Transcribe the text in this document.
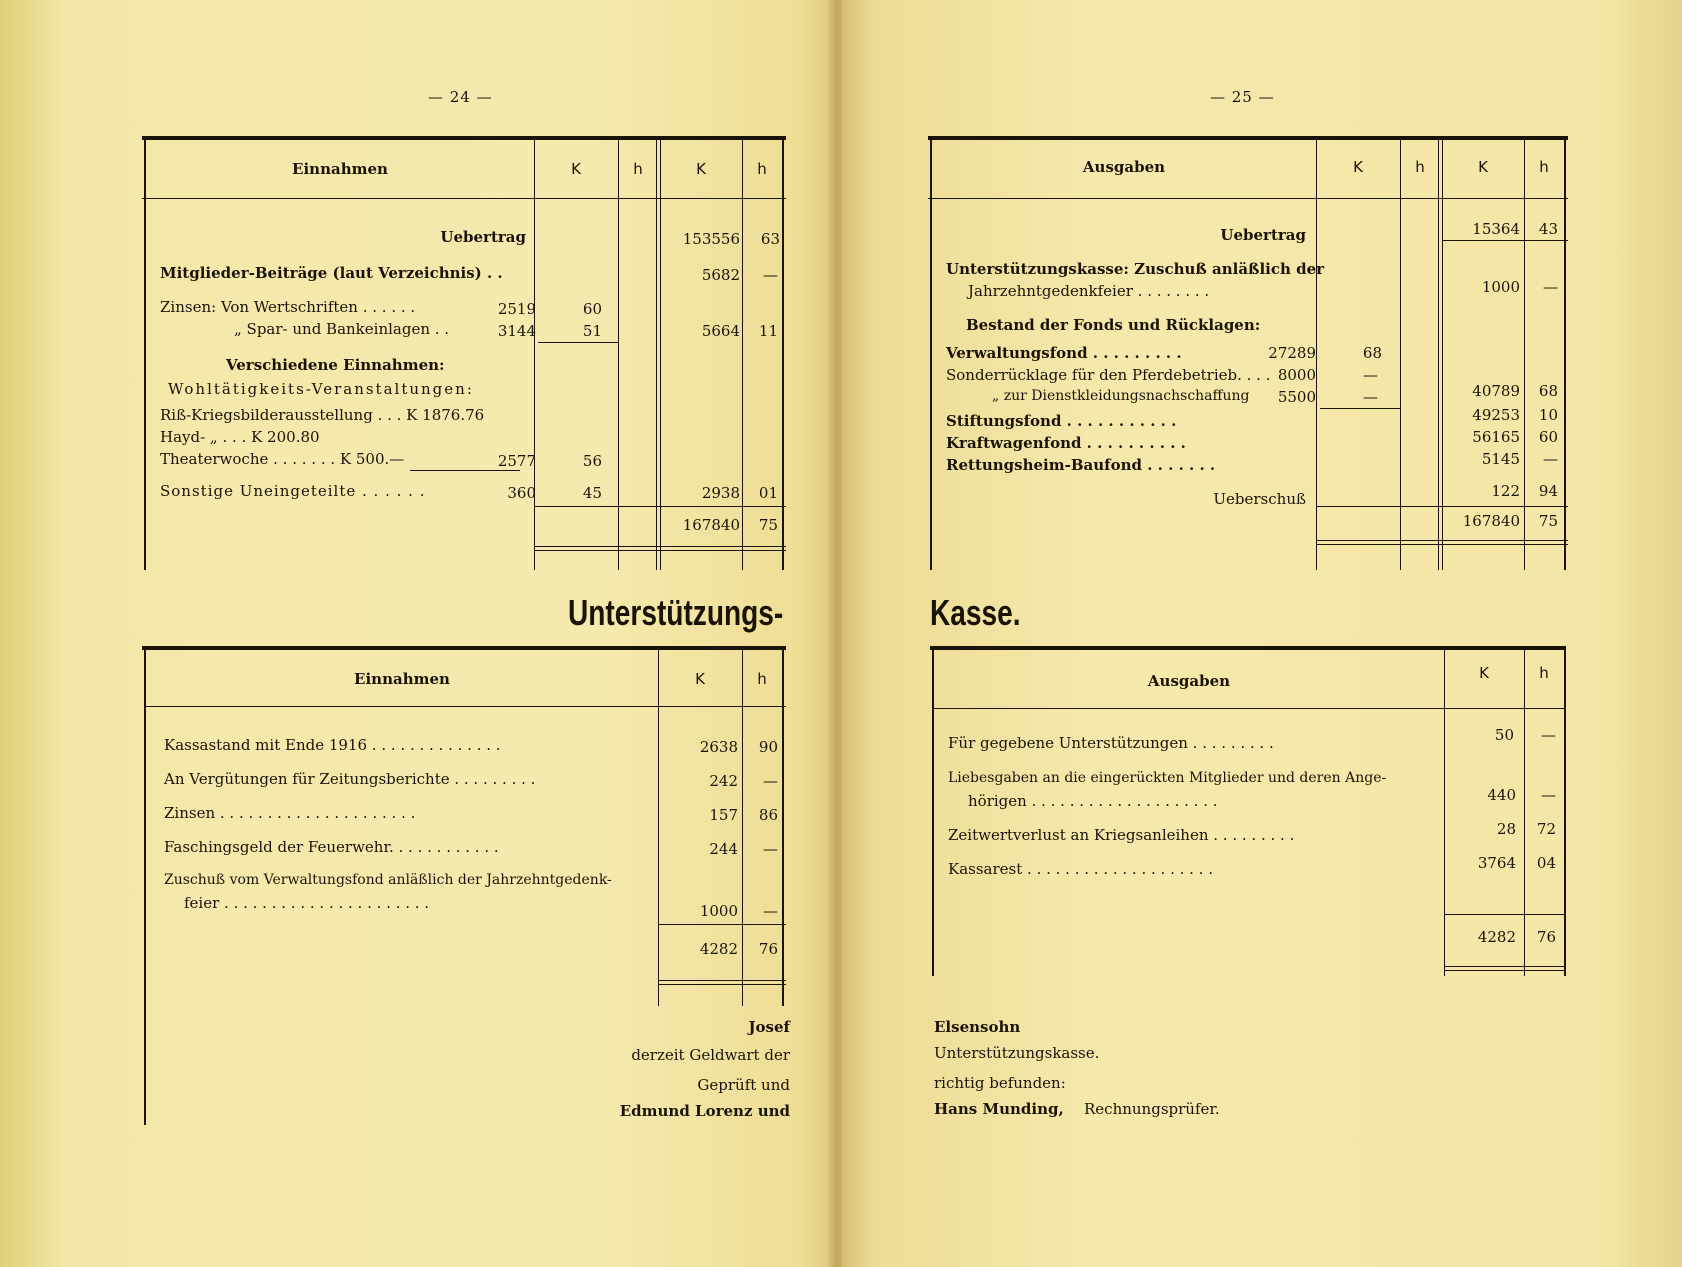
— 24 —
Einnahmen	K	h	K	h
Uebertrag	153556 63
Mitglieder-Beiträge (laut Verzeichnis) . .	5682 —
Zinsen: Von Wertschriften . . . . . .	2519	60
„ Spar- und Bankeinlagen . .	3144	51	5664 11
Verschiedene Einnahmen:
Wohltätigkeits-Veranstaltungen:
Riß-Kriegsbilderausstellung . . . K 1876.76
Hayd- „ . . . K 200.80
Theaterwoche . . . . . . . K 500.—	2577	56
Sonstige Uneingeteilte . . . . . .	360	45	2938 01
167840 75
Unterstützungs-
Einnahmen	K	h
Kassastand mit Ende 1916 . . . . . . . . . . . . . .	2638 90
An Vergütungen für Zeitungsberichte . . . . . . . . .	242 —
Zinsen . . . . . . . . . . . . . . . . . . . . .	157 86
Faschingsgeld der Feuerwehr. . . . . . . . . . . .	244 —
Zuschuß vom Verwaltungsfond anläßlich der Jahrzehntgedenk-
feier . . . . . . . . . . . . . . . . . . . . . .	1000 —
4282 76
Josef
derzeit Geldwart der
Geprüft und
Edmund Lorenz und
— 25 —
Ausgaben	K	h	K	h
Uebertrag	15364 43
Unterstützungskasse: Zuschuß anläßlich der
Jahrzehntgedenkfeier . . . . . . . .	1000 —
Bestand der Fonds und Rücklagen:
Verwaltungsfond . . . . . . . . .	27289	68
Sonderrücklage für den Pferdebetrieb. . . . 8000	—
„ zur Dienstkleidungsnachschaffung 5500	—	40789 68
Stiftungsfond . . . . . . . . . . .	49253 10
Kraftwagenfond . . . . . . . . . .	56165 60
Rettungsheim-Baufond . . . . . . .	5145 —
Ueberschuß	122 94
167840 75
Kasse.
Ausgaben	K	h
Für gegebene Unterstützungen . . . . . . . . .	50 —
Liebesgaben an die eingerückten Mitglieder und deren Ange-
hörigen . . . . . . . . . . . . . . . . . . . .	440 —
Zeitwertverlust an Kriegsanleihen . . . . . . . . .	28 72
Kassarest . . . . . . . . . . . . . . . . . . . .	3764 04
4282 76
Elsensohn
Unterstützungskasse.
richtig befunden:
Hans Munding, Rechnungsprüfer.
